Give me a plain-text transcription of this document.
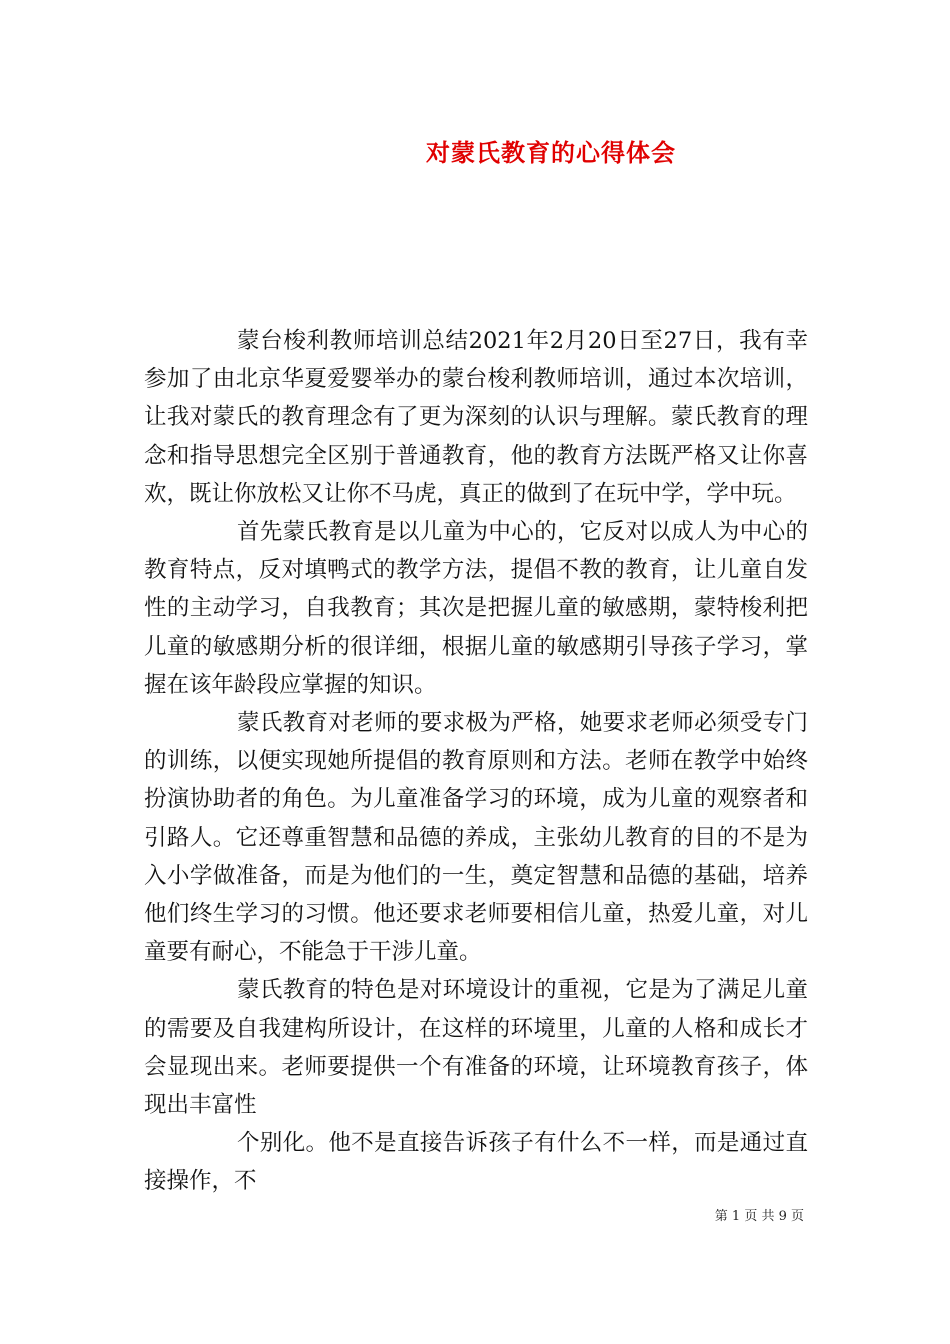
对蒙氏教育的心得体会

蒙台梭利教师培训总结2021年2月20日至27日，我有幸参加了由北京华夏爱婴举办的蒙台梭利教师培训，通过本次培训，让我对蒙氏的教育理念有了更为深刻的认识与理解。蒙氏教育的理念和指导思想完全区别于普通教育，他的教育方法既严格又让你喜欢，既让你放松又让你不马虎，真正的做到了在玩中学，学中玩。

首先蒙氏教育是以儿童为中心的，它反对以成人为中心的教育特点，反对填鸭式的教学方法，提倡不教的教育，让儿童自发性的主动学习，自我教育；其次是把握儿童的敏感期，蒙特梭利把儿童的敏感期分析的很详细，根据儿童的敏感期引导孩子学习，掌握在该年龄段应掌握的知识。

蒙氏教育对老师的要求极为严格，她要求老师必须受专门的训练，以便实现她所提倡的教育原则和方法。老师在教学中始终扮演协助者的角色。为儿童准备学习的环境，成为儿童的观察者和引路人。它还尊重智慧和品德的养成，主张幼儿教育的目的不是为入小学做准备，而是为他们的一生，奠定智慧和品德的基础，培养他们终生学习的习惯。他还要求老师要相信儿童，热爱儿童，对儿童要有耐心，不能急于干涉儿童。

蒙氏教育的特色是对环境设计的重视，它是为了满足儿童的需要及自我建构所设计，在这样的环境里，儿童的人格和成长才会显现出来。老师要提供一个有准备的环境，让环境教育孩子，体现出丰富性

个别化。他不是直接告诉孩子有什么不一样，而是通过直接操作，不

第 1 页 共 9 页
